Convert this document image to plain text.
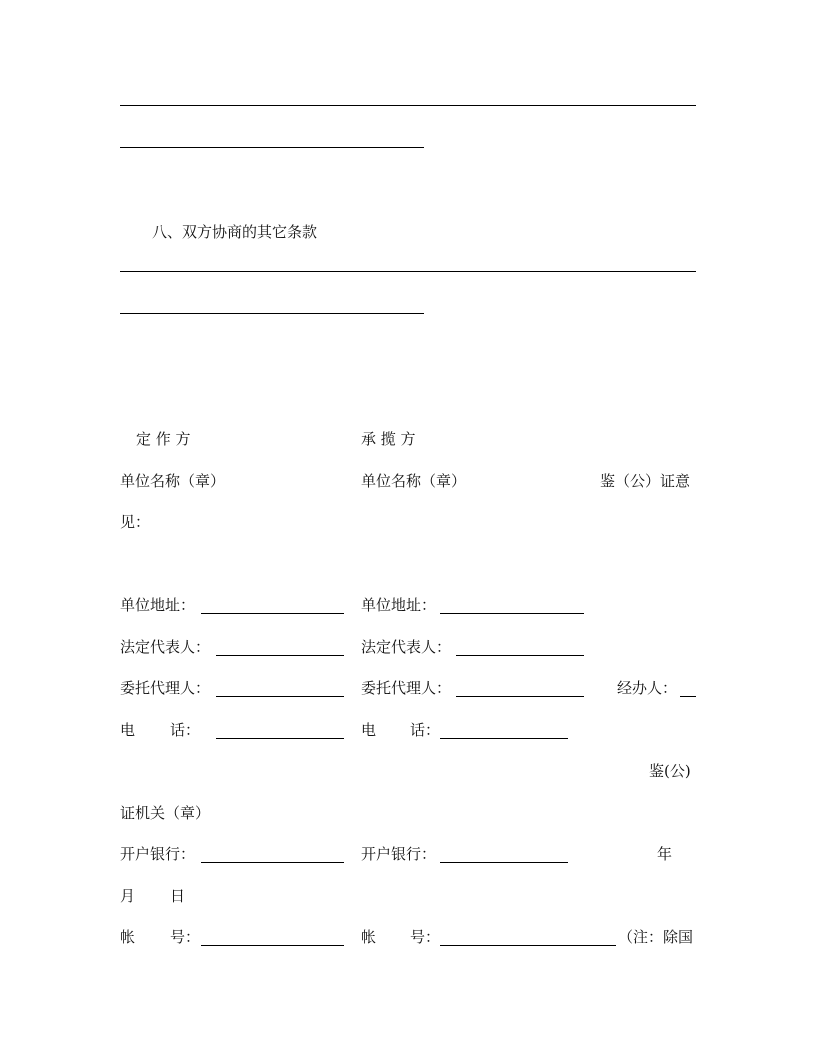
八、双方协商的其它条款
定 作 方	承 揽 方
单位名称（章）	单位名称（章）	鉴（公）证意
见：
单位地址：	单位地址：
法定代表人：	法定代表人：
委托代理人：	委托代理人：	经办人：
电 话：	电 话：
鉴(公)
证机关（章）
开户银行：	开户银行：	年
月 日
帐 号：	帐 号：	（注：除国
